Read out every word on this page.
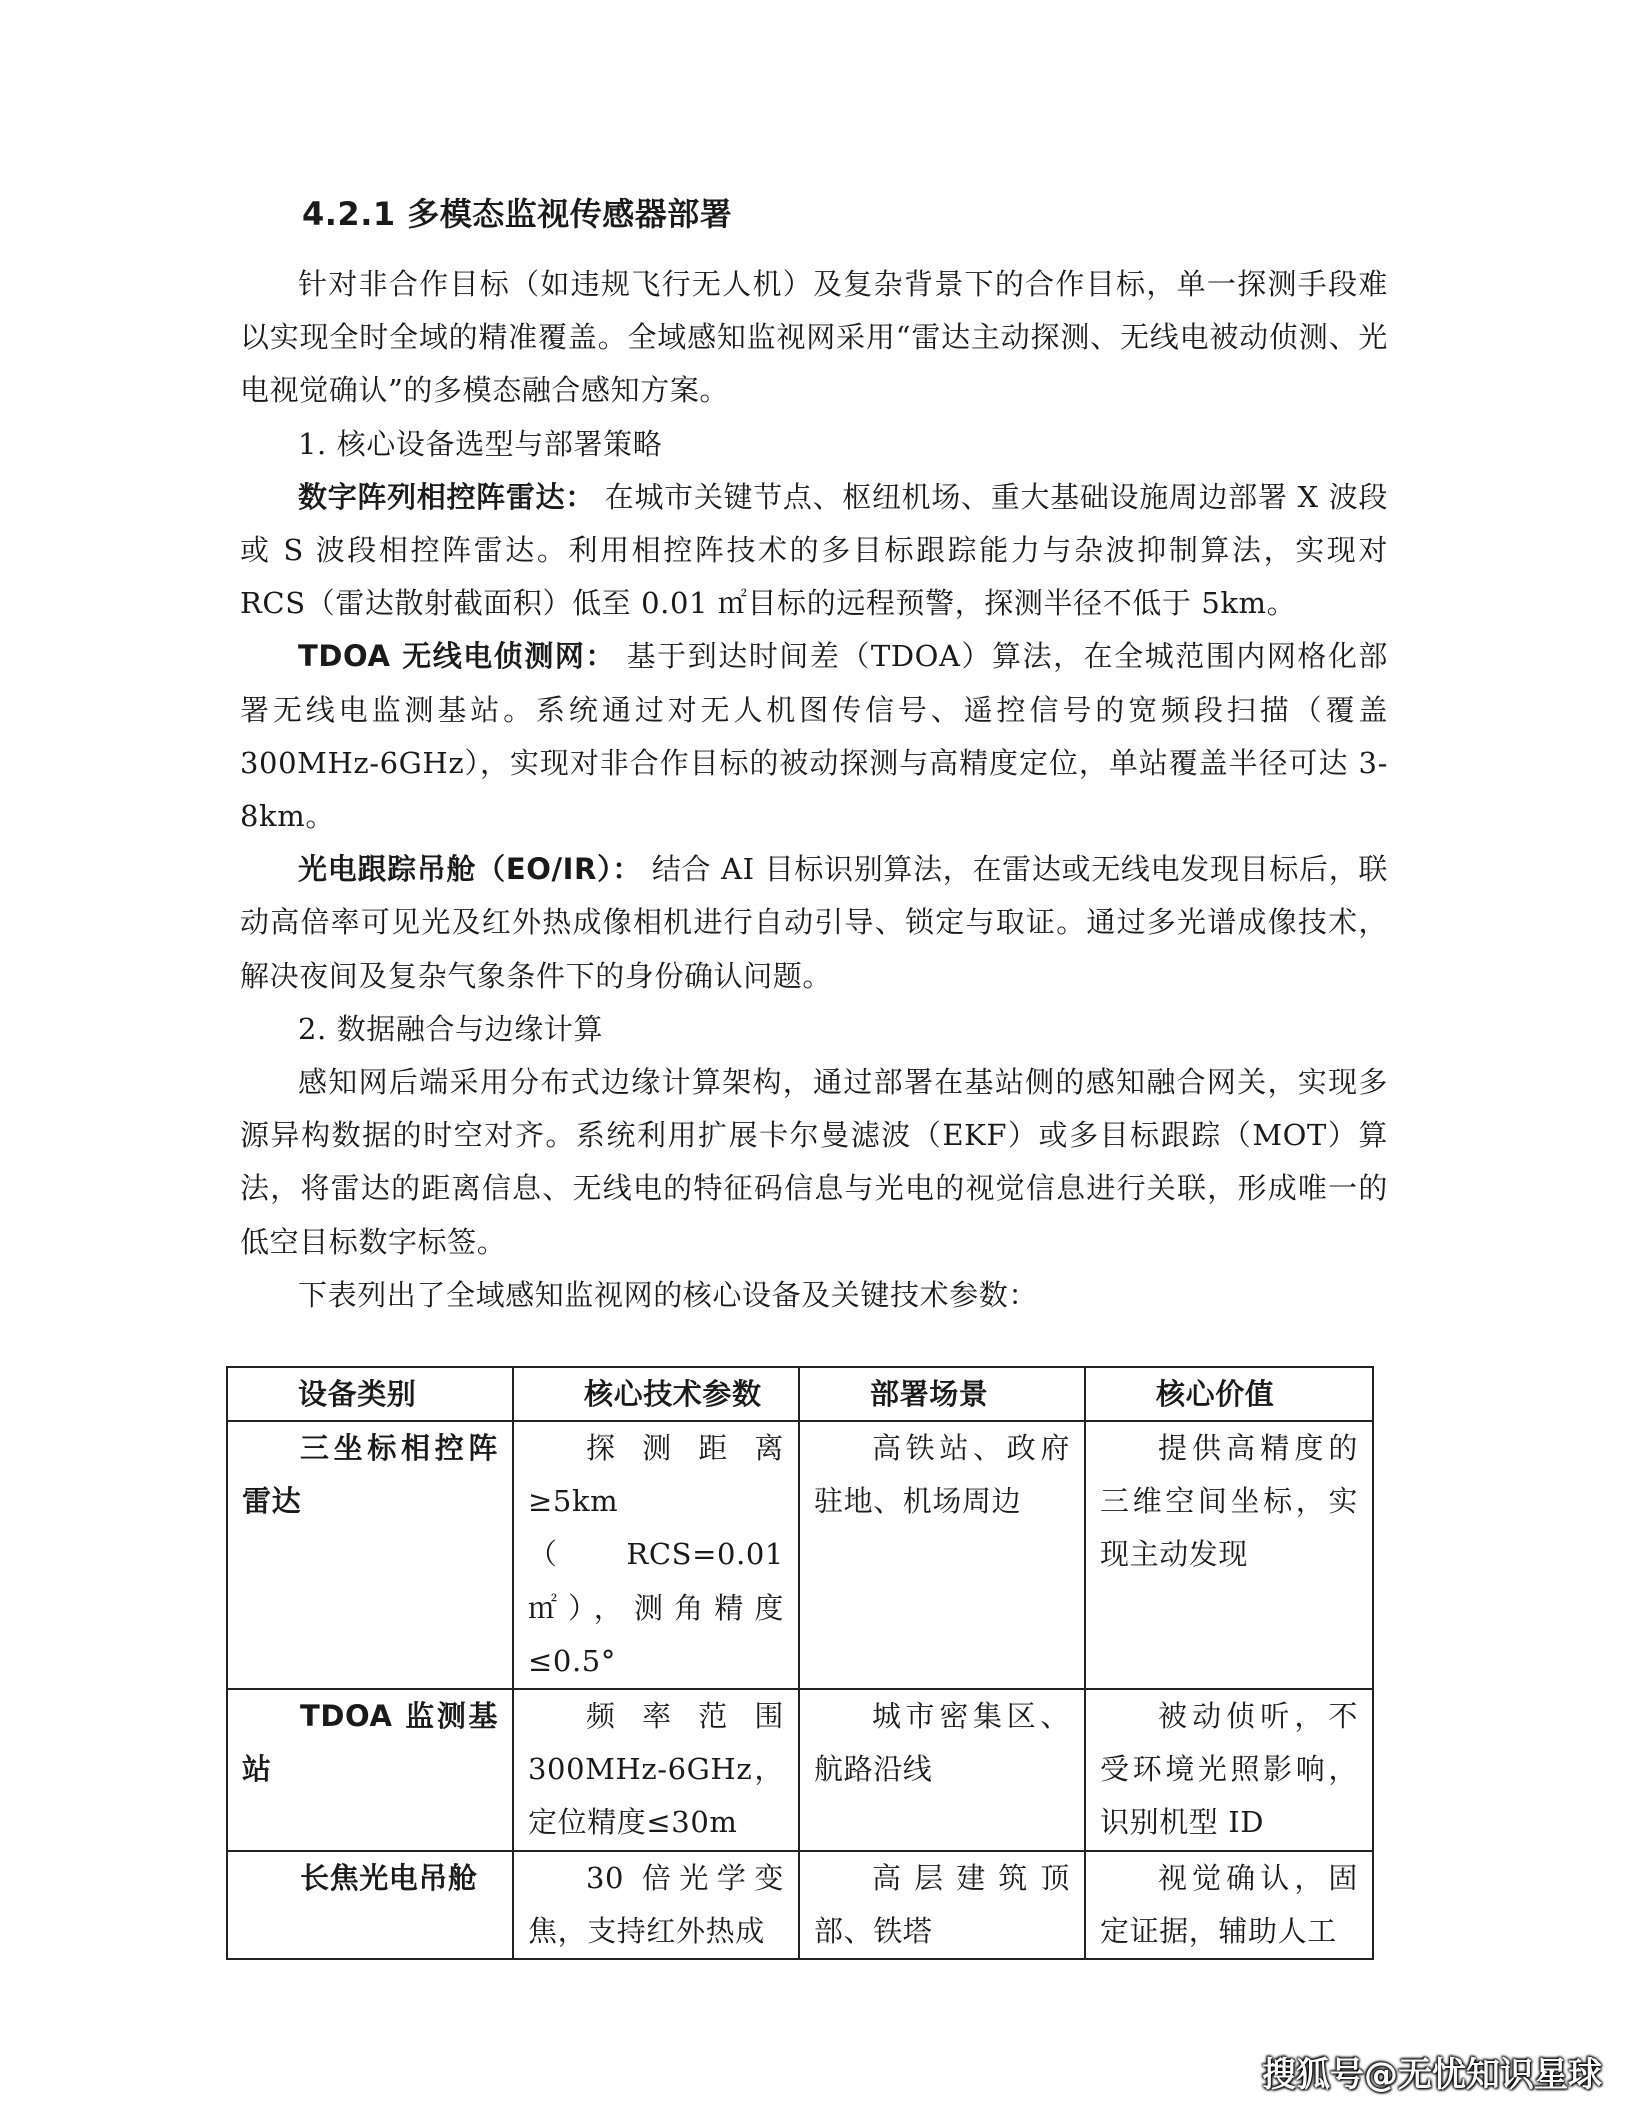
4.2.1 多模态监视传感器部署

针对非合作目标（如违规飞行无人机）及复杂背景下的合作目标，单一探测手段难以实现全时全域的精准覆盖。全域感知监视网采用“雷达主动探测、无线电被动侦测、光电视觉确认”的多模态融合感知方案。

1. 核心设备选型与部署策略

数字阵列相控阵雷达： 在城市关键节点、枢纽机场、重大基础设施周边部署 X 波段或 S 波段相控阵雷达。利用相控阵技术的多目标跟踪能力与杂波抑制算法，实现对 RCS（雷达散射截面积）低至 0.01 ㎡目标的远程预警，探测半径不低于 5km。

TDOA 无线电侦测网： 基于到达时间差（TDOA）算法，在全城范围内网格化部署无线电监测基站。系统通过对无人机图传信号、遥控信号的宽频段扫描（覆盖 300MHz-6GHz），实现对非合作目标的被动探测与高精度定位，单站覆盖半径可达 3-8km。

光电跟踪吊舱（EO/IR）： 结合 AI 目标识别算法，在雷达或无线电发现目标后，联动高倍率可见光及红外热成像相机进行自动引导、锁定与取证。通过多光谱成像技术，解决夜间及复杂气象条件下的身份确认问题。

2. 数据融合与边缘计算

感知网后端采用分布式边缘计算架构，通过部署在基站侧的感知融合网关，实现多源异构数据的时空对齐。系统利用扩展卡尔曼滤波（EKF）或多目标跟踪（MOT）算法，将雷达的距离信息、无线电的特征码信息与光电的视觉信息进行关联，形成唯一的低空目标数字标签。

下表列出了全域感知监视网的核心设备及关键技术参数：

设备类别	核心技术参数	部署场景	核心价值
三坐标相控阵雷达	探测距离≥5km（RCS=0.01㎡），测角精度≤0.5°	高铁站、政府驻地、机场周边	提供高精度的三维空间坐标，实现主动发现
TDOA 监测基站	频率范围 300MHz-6GHz，定位精度≤30m	城市密集区、航路沿线	被动侦听，不受环境光照影响，识别机型 ID
长焦光电吊舱	30 倍光学变焦，支持红外热成	高层建筑顶部、铁塔	视觉确认，固定证据，辅助人工
搜狐号@无忧知识星球
